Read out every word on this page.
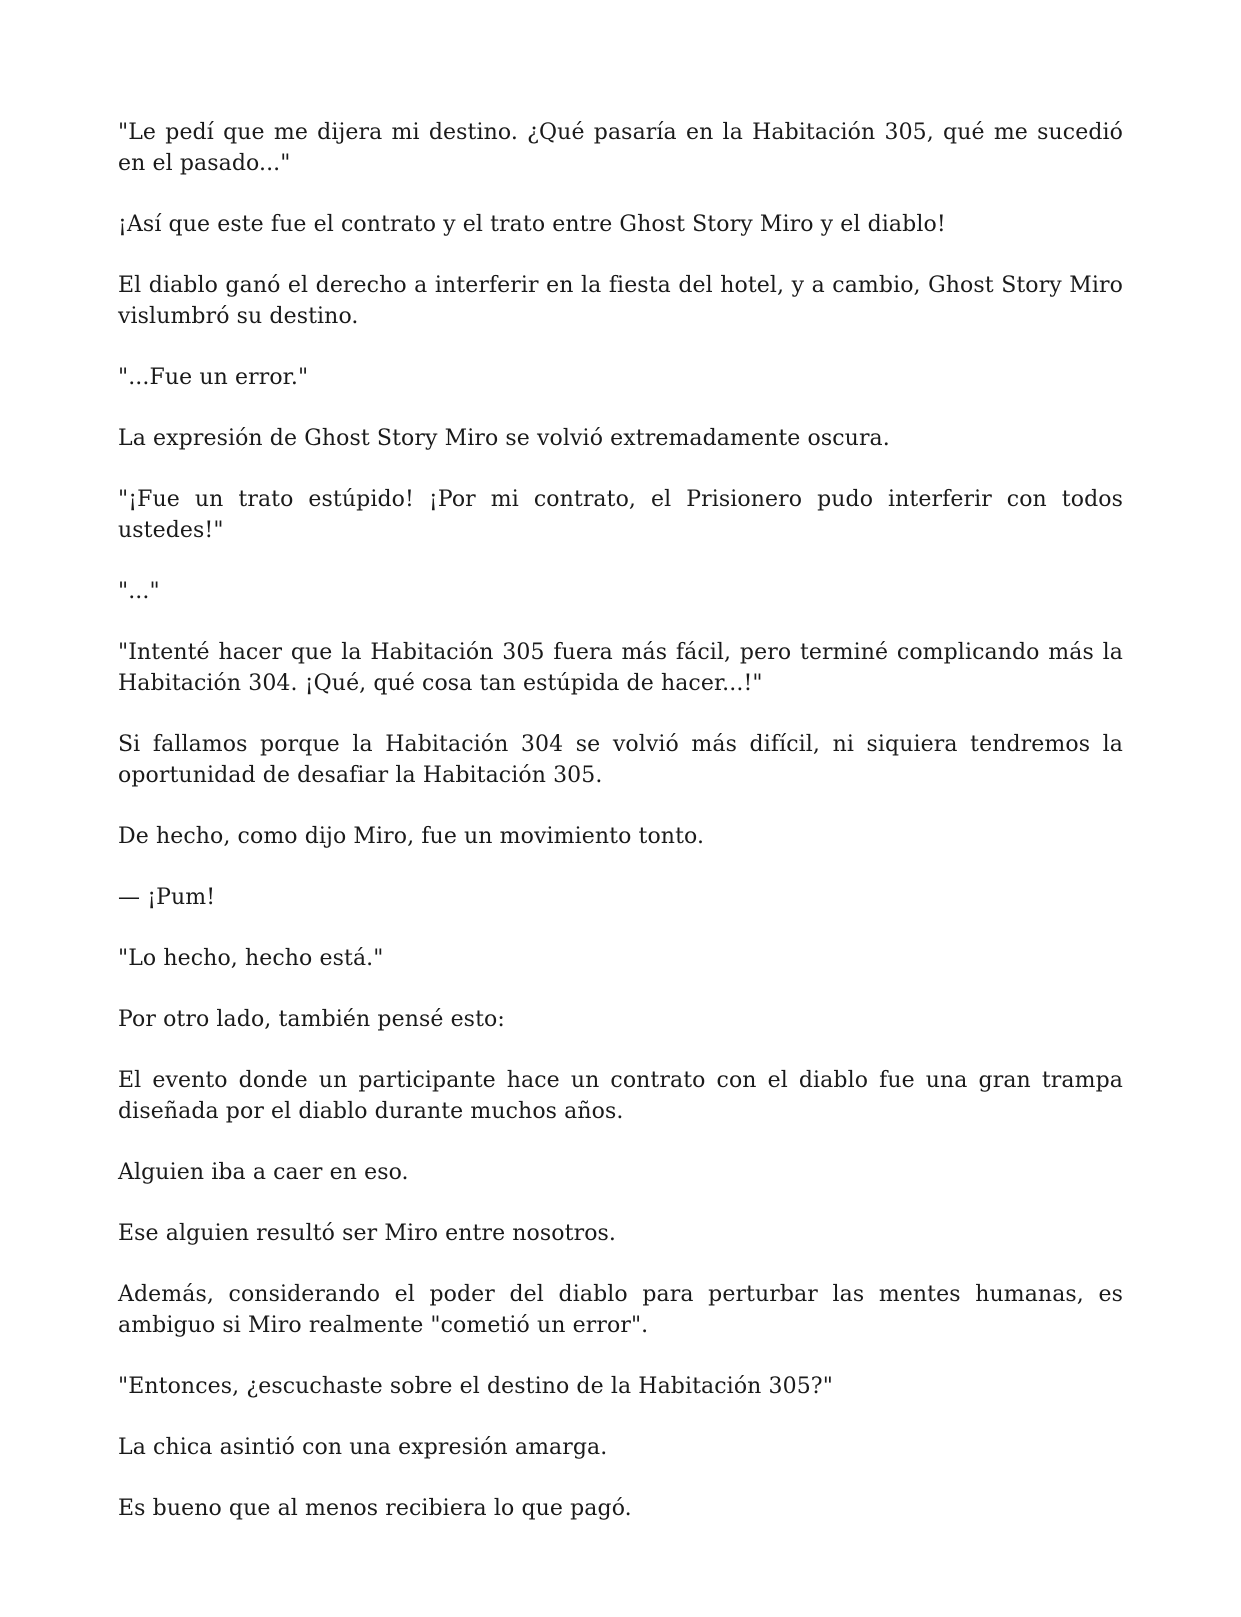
"Le pedí que me dijera mi destino. ¿Qué pasaría en la Habitación 305, qué me sucedió en el pasado..."

¡Así que este fue el contrato y el trato entre Ghost Story Miro y el diablo!

El diablo ganó el derecho a interferir en la fiesta del hotel, y a cambio, Ghost Story Miro vislumbró su destino.

"...Fue un error."

La expresión de Ghost Story Miro se volvió extremadamente oscura.

"¡Fue un trato estúpido! ¡Por mi contrato, el Prisionero pudo interferir con todos ustedes!"

"..."

"Intenté hacer que la Habitación 305 fuera más fácil, pero terminé complicando más la Habitación 304. ¡Qué, qué cosa tan estúpida de hacer...!"

Si fallamos porque la Habitación 304 se volvió más difícil, ni siquiera tendremos la oportunidad de desafiar la Habitación 305.

De hecho, como dijo Miro, fue un movimiento tonto.

— ¡Pum!

"Lo hecho, hecho está."

Por otro lado, también pensé esto:

El evento donde un participante hace un contrato con el diablo fue una gran trampa diseñada por el diablo durante muchos años.

Alguien iba a caer en eso.

Ese alguien resultó ser Miro entre nosotros.

Además, considerando el poder del diablo para perturbar las mentes humanas, es ambiguo si Miro realmente "cometió un error".

"Entonces, ¿escuchaste sobre el destino de la Habitación 305?"

La chica asintió con una expresión amarga.

Es bueno que al menos recibiera lo que pagó.
